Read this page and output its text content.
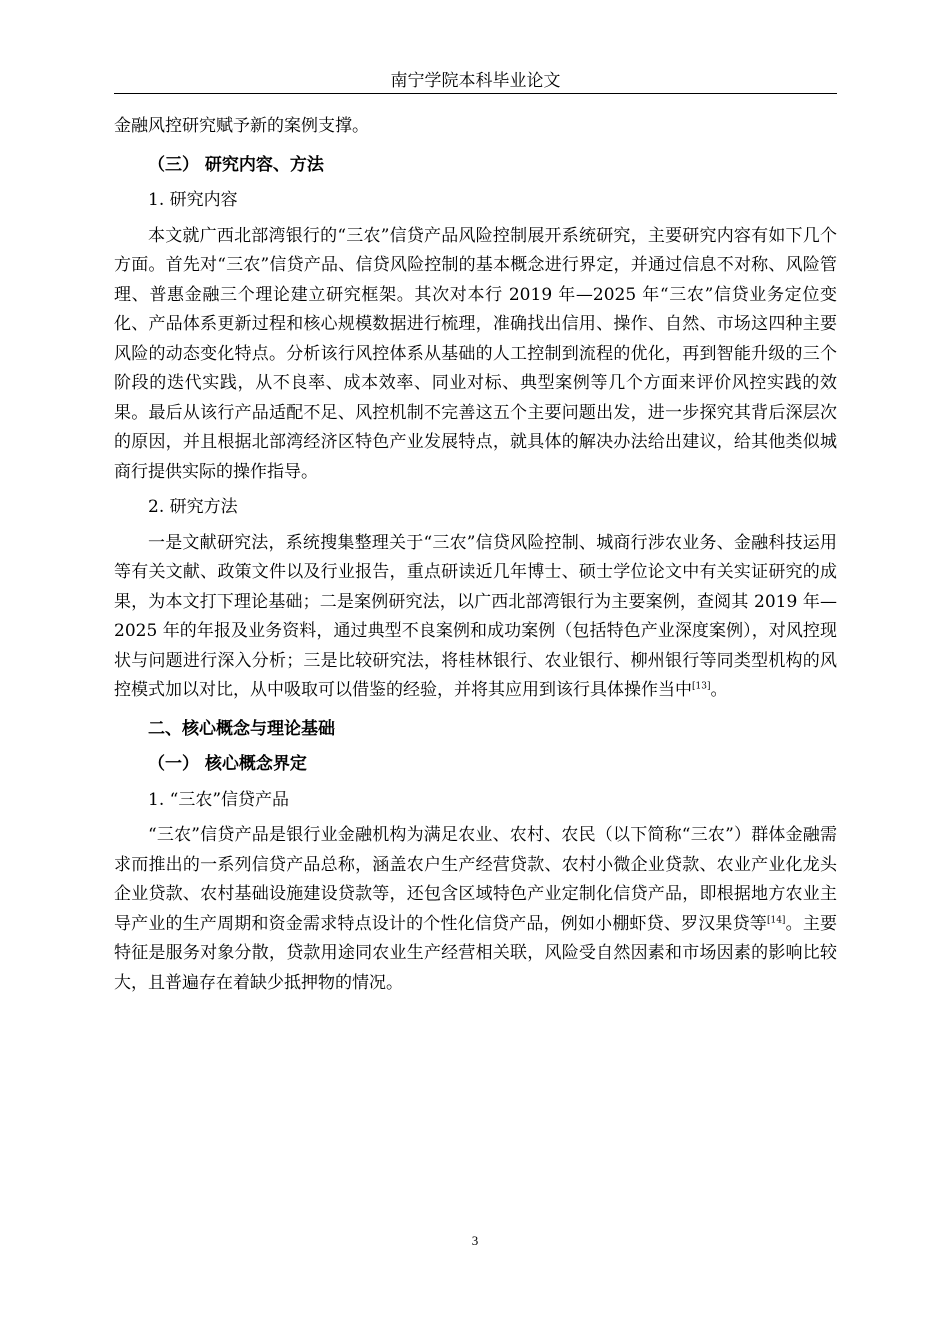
南宁学院本科毕业论文

金融风控研究赋予新的案例支撑。

（三） 研究内容、方法
1. 研究内容

本文就广西北部湾银行的“三农”信贷产品风险控制展开系统研究，主要研究内容有如下几个方面。首先对“三农”信贷产品、信贷风险控制的基本概念进行界定，并通过信息不对称、风险管理、普惠金融三个理论建立研究框架。其次对本行 2019 年—2025 年“三农”信贷业务定位变化、产品体系更新过程和核心规模数据进行梳理，准确找出信用、操作、自然、市场这四种主要风险的动态变化特点。分析该行风控体系从基础的人工控制到流程的优化，再到智能升级的三个阶段的迭代实践，从不良率、成本效率、同业对标、典型案例等几个方面来评价风控实践的效果。最后从该行产品适配不足、风控机制不完善这五个主要问题出发，进一步探究其背后深层次的原因，并且根据北部湾经济区特色产业发展特点，就具体的解决办法给出建议，给其他类似城商行提供实际的操作指导。

2. 研究方法

一是文献研究法，系统搜集整理关于“三农”信贷风险控制、城商行涉农业务、金融科技运用等有关文献、政策文件以及行业报告，重点研读近几年博士、硕士学位论文中有关实证研究的成果，为本文打下理论基础；二是案例研究法，以广西北部湾银行为主要案例，查阅其 2019 年—2025 年的年报及业务资料，通过典型不良案例和成功案例（包括特色产业深度案例），对风控现状与问题进行深入分析；三是比较研究法，将桂林银行、农业银行、柳州银行等同类型机构的风控模式加以对比，从中吸取可以借鉴的经验，并将其应用到该行具体操作当中[13]。

二、核心概念与理论基础
（一） 核心概念界定
1. “三农”信贷产品

“三农”信贷产品是银行业金融机构为满足农业、农村、农民（以下简称“三农”）群体金融需求而推出的一系列信贷产品总称，涵盖农户生产经营贷款、农村小微企业贷款、农业产业化龙头企业贷款、农村基础设施建设贷款等，还包含区域特色产业定制化信贷产品，即根据地方农业主导产业的生产周期和资金需求特点设计的个性化信贷产品，例如小棚虾贷、罗汉果贷等[14]。主要特征是服务对象分散，贷款用途同农业生产经营相关联，风险受自然因素和市场因素的影响比较大，且普遍存在着缺少抵押物的情况。

3
